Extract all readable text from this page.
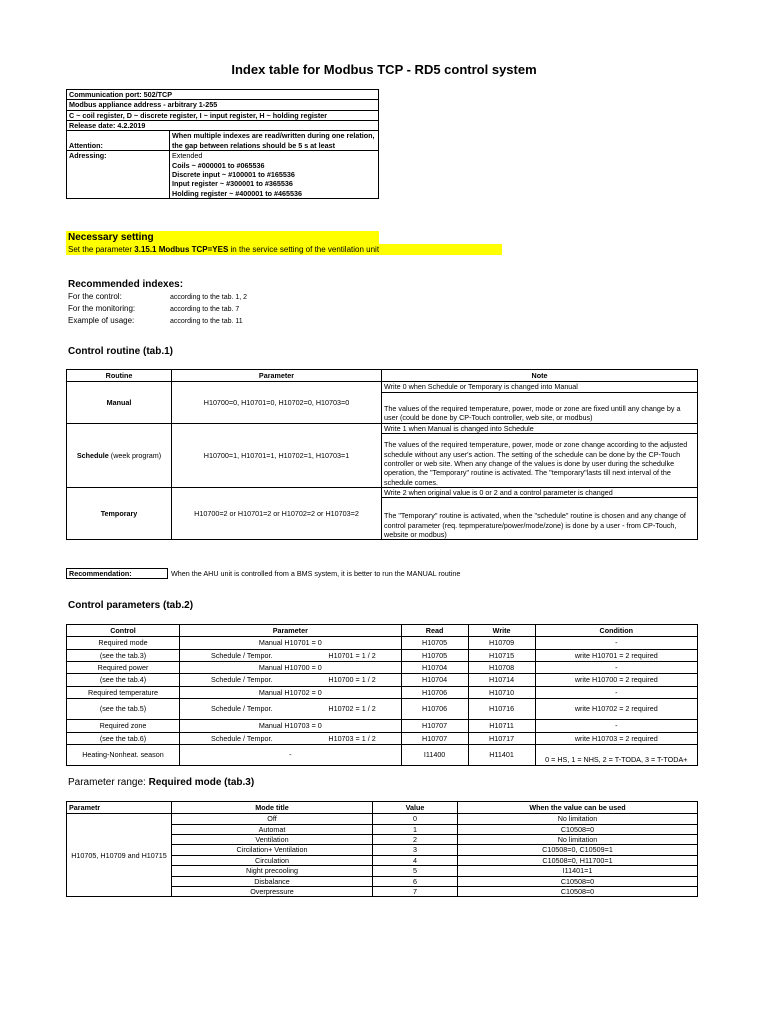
Index table for Modbus TCP - RD5 control system
Communication port: 502/TCP	
Modbus appliance address - arbitrary 1-255	
C ~ coil register, D ~ discrete register, I ~ input register, H ~ holding register	
Release date: 4.2.2019	
Attention:	When multiple indexes are read/written during one relation, the gap between relations should be 5 s at least
Adressing:	Extended
Coils ~ #000001 to #065536
Discrete input ~ #100001 to #165536
Input register ~ #300001 to #365536
Holding register ~ #400001 to #465536
Necessary setting
Set the parameter 3.15.1 Modbus TCP=YES in the service setting of the ventilation unit
Recommended indexes:
For the control:	according to the tab. 1, 2
For the monitoring:	according to the tab. 7
Example of usage:	according to the tab. 11
Control routine (tab.1)
Routine	Parameter	Note
Manual	H10700=0, H10701=0, H10702=0, H10703=0	Write 0 when Schedule or Temporary is changed into Manual
		The values of the required temperature, power, mode or zone are fixed untill any change by a user (could be done by CP-Touch controller, web site, or modbus)
Schedule (week program)	H10700=1, H10701=1, H10702=1, H10703=1	Write 1 when Manual is changed into Schedule
		The values of the required temperature, power, mode or zone change according to the adjusted schedule without any user's action. The setting of the schedule can be done by the CP-Touch controller or web site. When any change of the values is done by user during the schedulke operation, the "Temporary" routine is activated. The "temporary"lasts till next interval of the schedule comes.
Temporary	H10700=2 or H10701=2 or H10702=2 or H10703=2	Write 2 when original value is 0 or 2 and a control parameter is changed
		The "Temporary" routine is activated, when the "schedule" routine is chosen and any change of control parameter (req. tepmperature/power/mode/zone) is done by a user - from CP-Touch, website or modbus)
Recommendation:	When the AHU unit is controlled from a BMS system, it is better to run the MANUAL routine
Control parameters (tab.2)
Control	Parameter		Read	Write	Condition
Required mode	Manual H10701 = 0		H10705	H10709	-
(see the tab.3)	Schedule / Tempor.	H10701 = 1 / 2	H10705	H10715	write H10701 = 2 required
Required power	Manual H10700 = 0		H10704	H10708	-
(see the tab.4)	Schedule / Tempor.	H10700 = 1 / 2	H10704	H10714	write H10700 = 2 required
Required temperature	Manual H10702 = 0		H10706	H10710	-
(see the tab.5)	Schedule / Tempor.	H10702 = 1 / 2	H10706	H10716	write H10702 = 2 required
Required zone	Manual H10703 = 0		H10707	H10711	-
(see the tab.6)	Schedule / Tempor.	H10703 = 1 / 2	H10707	H10717	write H10703 = 2 required
Heating-Nonheat. season	-		I11400	H11401	0 = HS, 1 = NHS, 2 = T-TODA, 3 = T-TODA+
Parameter range: Required mode (tab.3)
Parametr	Mode title	Value	When the value can be used
H10705, H10709 and H10715	Off	0	No limitation
	Automat	1	C10508=0
	Ventilation	2	No limitation
	Circilation+ Ventilation	3	C10508=0, C10509=1
	Circulation	4	C10508=0, H11700=1
	Night precooling	5	I11401=1
	Disbalance	6	C10508=0
	Overpressure	7	C10508=0
